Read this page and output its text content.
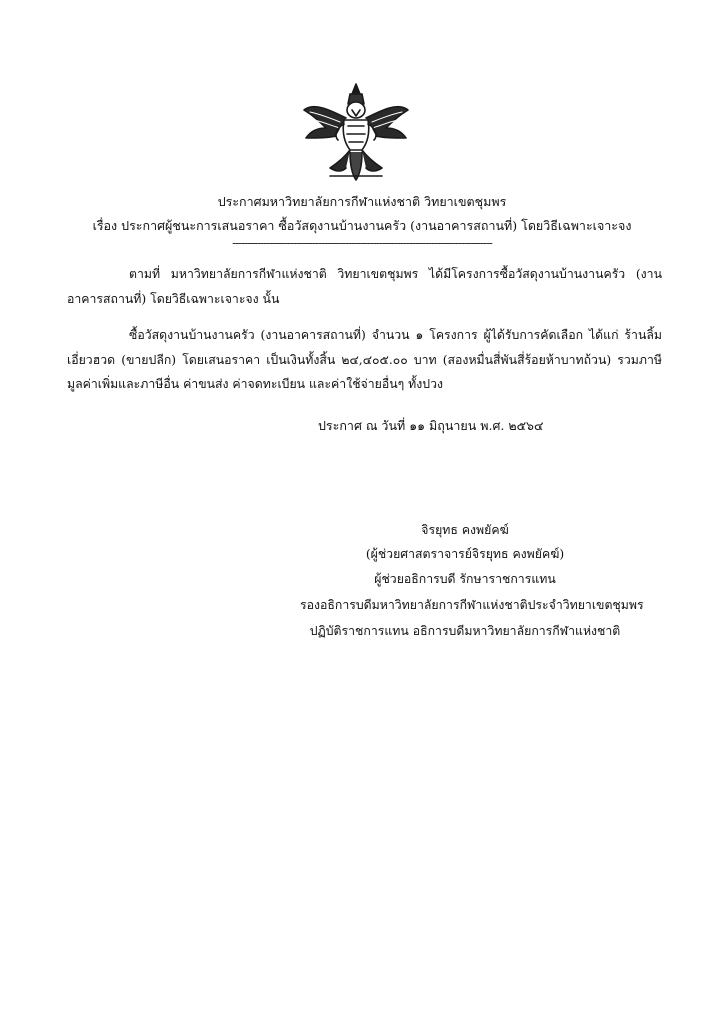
ประกาศมหาวิทยาลัยการกีฬาแห่งชาติ วิทยาเขตชุมพร
เรื่อง ประกาศผู้ชนะการเสนอราคา ซื้อวัสดุงานบ้านงานครัว (งานอาคารสถานที่) โดยวิธีเฉพาะเจาะจง
-------------------------------------------------------------------------------------

ตามที่ มหาวิทยาลัยการกีฬาแห่งชาติ วิทยาเขตชุมพร ได้มีโครงการซื้อวัสดุงานบ้านงานครัว (งานอาคารสถานที่) โดยวิธีเฉพาะเจาะจง นั้น

ซื้อวัสดุงานบ้านงานครัว (งานอาคารสถานที่) จำนวน ๑ โครงการ ผู้ได้รับการคัดเลือก ได้แก่ ร้านลิ้มเอี่ยวฮวด (ขายปลีก) โดยเสนอราคา เป็นเงินทั้งสิ้น ๒๔,๔๐๕.๐๐ บาท (สองหมื่นสี่พันสี่ร้อยห้าบาทถ้วน) รวมภาษีมูลค่าเพิ่มและภาษีอื่น ค่าขนส่ง ค่าจดทะเบียน และค่าใช้จ่ายอื่นๆ ทั้งปวง

ประกาศ ณ วันที่ ๑๑ มิถุนายน พ.ศ. ๒๕๖๔
จิรยุทธ คงพยัคฆ์
(ผู้ช่วยศาสตราจารย์จิรยุทธ คงพยัคฆ์)
ผู้ช่วยอธิการบดี รักษาราชการแทน
รองอธิการบดีมหาวิทยาลัยการกีฬาแห่งชาติประจำวิทยาเขตชุมพร
ปฏิบัติราชการแทน อธิการบดีมหาวิทยาลัยการกีฬาแห่งชาติ
